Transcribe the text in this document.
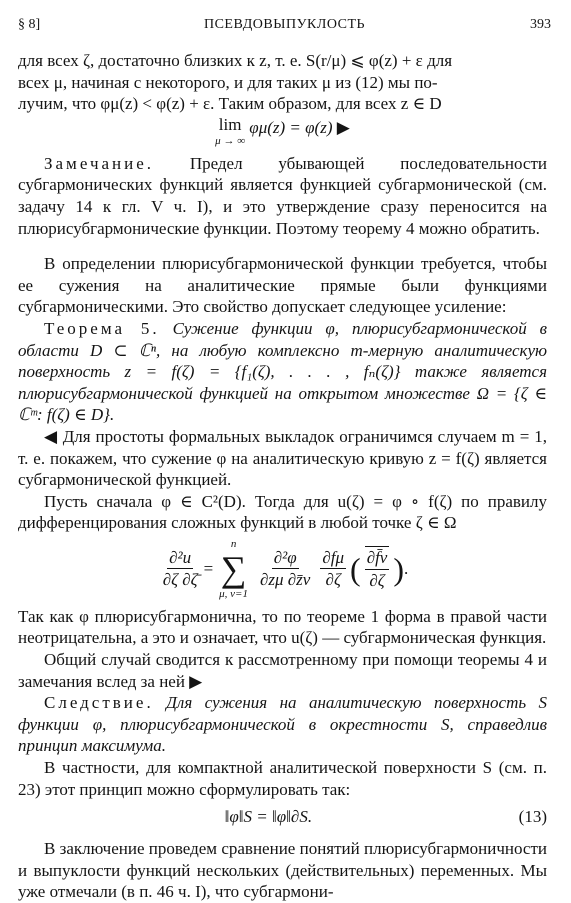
§ 8]	ПСЕВДОВЫПУКЛОСТЬ	393

для всех ζ, достаточно близких к z, т. е. S(r/μ) ⩽ φ(z) + ε для

всех μ, начиная с некоторого, и для таких μ из (12) мы по-

лучим, что φμ(z) < φ(z) + ε. Таким образом, для всех z ∈ D

lim
μ → ∞
φμ(z) = φ(z) ▶

Замечание. Предел убывающей последовательности субгармонических функций является функцией субгармонической (см. задачу 14 к гл. V ч. I), и это утверждение сразу переносится на плюрисубгармонические функции. Поэтому теорему 4 можно обратить.

В определении плюрисубгармонической функции требуется, чтобы ее сужения на аналитические прямые были функциями субгармоническими. Это свойство допускает следующее усиление:

Теорема 5. Сужение функции φ, плюрисубгармонической в области D ⊂ ℂⁿ, на любую комплексно m-мерную аналитическую поверхность z = f(ζ) = {f₁(ζ), . . . , fₙ(ζ)} также является плюрисубгармонической функцией на открытом множестве Ω = {ζ ∈ ℂᵐ: f(ζ) ∈ D}.

◀ Для простоты формальных выкладок ограничимся случаем m = 1, т. е. покажем, что сужение φ на аналитическую кривую z = f(ζ) является субгармонической функцией.

Пусть сначала φ ∈ C²(D). Тогда для u(ζ) = φ ∘ f(ζ) по правилу дифференцирования сложных функций в любой точке ζ ∈ Ω

$\frac{\text{∂²u}}{\partial\zeta \partial\zetā}$ =
n
∑
μ, ν=1
$\frac{\text{∂²φ}}{\partial z\mu \partial z̄\nu} \frac{\partial f\mu}{\partial\zeta}$ ( $\frac{\partial f̄\nu}{\partial\zeta}$ ) .

Так как φ плюрисубгармонична, то по теореме 1 форма в правой части неотрицательна, а это и означает, что u(ζ) — субгармоническая функция.

Общий случай сводится к рассмотренному при помощи теоремы 4 и замечания вслед за ней ▶

Следствие. Для сужения на аналитическую поверхность S функции φ, плюрисубгармонической в окрестности S, справедлив принцип максимума.

В частности, для компактной аналитической поверхности S (см. п. 23) этот принцип можно сформулировать так:

‖φ‖S = ‖φ‖∂S.	(13)

В заключение проведем сравнение понятий плюрисубгармоничности и выпуклости функций нескольких (действительных) переменных. Мы уже отмечали (в п. 46 ч. I), что субгармони-
